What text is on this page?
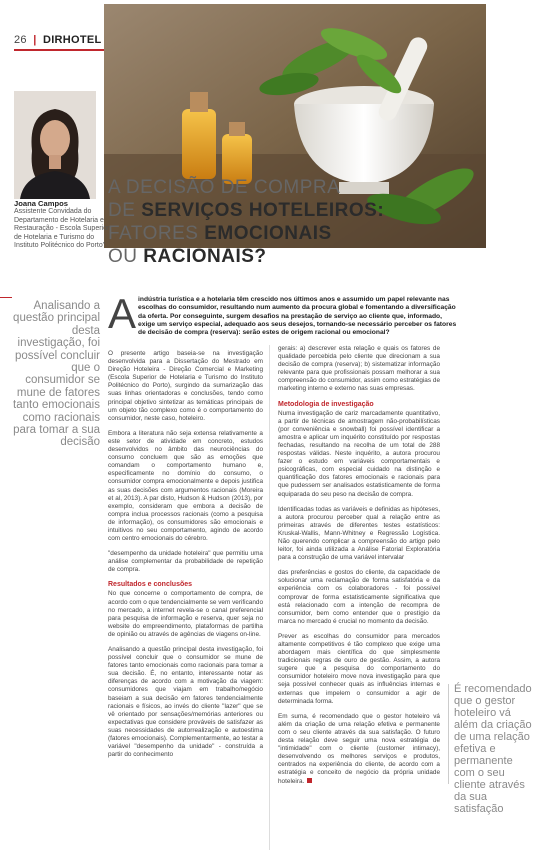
26 | DIRHOTEL
Joana Campos
Assistente Convidada do Departamento de Hotelaria e Restauração - Escola Superior de Hotelaria e Turismo do Instituto Politécnico do Porto".
A DECISÃO DE COMPRA
DE SERVIÇOS HOTELEIROS:
FATORES EMOCIONAIS
OU RACIONAIS?
Analisando a questão principal desta investigação, foi possível concluir que o consumidor se mune de fatores tanto emocionais como racionais para tomar a sua decisão
A indústria turística e a hotelaria têm crescido nos últimos anos e assumido um papel relevante nas escolhas do consumidor, resultando num aumento da procura global e fomentando a diversificação da oferta. Por conseguinte, surgem desafios na prestação de serviço ao cliente que, informado, exige um serviço especial, adequado aos seus desejos, tornando-se necessário perceber os fatores de decisão de compra (reserva): serão estes de origem racional ou emocional?

O presente artigo baseia-se na investigação desenvolvida para a Dissertação do Mestrado em Direção Hoteleira - Direção Comercial e Marketing (Escola Superior de Hotelaria e Turismo do Instituto Politécnico do Porto), surgindo da sumarização das suas linhas orientadoras e conclusões, tendo como principal objetivo sintetizar as temáticas principais de um objeto tão complexo como é o comportamento do consumidor, neste caso, hoteleiro.

Embora a literatura não seja extensa relativamente a este setor de atividade em concreto, estudos desenvolvidos no âmbito das neurociências do consumo concluem que são as emoções que comandam o comportamento humano e, especificamente no domínio do consumo, o consumidor compra emocionalmente e depois justifica as suas decisões com argumentos racionais (Moreira et al, 2013). A par disto, Hudson & Hudson (2013), por exemplo, consideram que embora a decisão de compra inclua processos racionais (como a pesquisa de informação), os consumidores são emocionais e intuitivos no seu comportamento, agindo de acordo com centro emocionais do cérebro.

"desempenho da unidade hoteleira" que permitiu uma análise complementar da probabilidade de repetição de compra.

Resultados e conclusões

No que concerne o comportamento de compra, de acordo com o que tendencialmente se vem verificando no mercado, a internet revela-se o canal preferencial para pesquisa de informação e reserva, quer seja no website do empreendimento, plataformas de partilha de opinião ou através de agências de viagens on-line.

Analisando a questão principal desta investigação, foi possível concluir que o consumidor se mune de fatores tanto emocionais como racionais para tomar a sua decisão. É, no entanto, interessante notar as diferenças de acordo com a motivação da viagem: consumidores que viajam em trabalho/negócio baseiam a sua decisão em fatores tendencialmente racionais e físicos, ao invés do cliente "lazer" que se vê orientado por sensações/memórias anteriores ou expectativas que considere prováveis de satisfazer as suas necessidades de autorrealização e autoestima (fatores emocionais). Complementarmente, ao testar a variável "desempenho da unidade" - construída a partir do conhecimento

gerais: a) descrever esta relação e quais os fatores de qualidade percebida pelo cliente que direcionam a sua decisão de compra (reserva); b) sistematizar informação relevante para que profissionais possam melhorar a sua compreensão do consumidor, assim como estratégias de marketing interno e externo nas suas empresas.

Metodologia de investigação

Numa investigação de cariz marcadamente quantitativo, a partir de técnicas de amostragem não-probabilísticas (por conveniência e snowball) foi possível identificar a amostra e aplicar um inquérito constituído por respostas fechadas, resultando na recolha de um total de 288 respostas válidas. Neste inquérito, a autora procurou fazer o estudo em variáveis comportamentais e psicográficas, com especial cuidado na distinção e quantificação dos fatores emocionais e racionais para que pudessem ser analisados estatisticamente de forma equiparada do seu peso na decisão de compra.

Identificadas todas as variáveis e definidas as hipóteses, a autora procurou perceber qual a relação entre as primeiras através de diferentes testes estatísticos: Kruskal-Wallis, Mann-Whitney e Regressão Logística. Não querendo complicar a compreensão do artigo pelo leitor, foi ainda utilizada a Análise Fatorial Exploratória para a construção de uma variável intervalar

das preferências e gostos do cliente, da capacidade de solucionar uma reclamação de forma satisfatória e da experiência com os colaboradores - foi possível comprovar de forma estatisticamente significativa que está relacionado com a intenção de recompra de consumidor, bem como entender que o prestígio da marca no mercado é crucial no momento da decisão.

Prever as escolhas do consumidor para mercados altamente competitivos é tão complexo que exige uma abordagem mais científica do que simplesmente tradicionais regras de ouro de gestão. Assim, a autora sugere que a pesquisa do comportamento do consumidor hoteleiro move nova investigação para que seja possível conhecer quais as influências internas e externas que impelem o consumidor a agir de determinada forma.

Em suma, é recomendado que o gestor hoteleiro vá além da criação de uma relação efetiva e permanente com o seu cliente através da sua satisfação. O futuro desta relação deve seguir uma nova estratégia de "intimidade" com o cliente (customer intimacy), desenvolvendo os melhores serviços e produtos, centrados na experiência do cliente, de acordo com a estratégia e conceito de negócio da própria unidade hoteleira.

É recomendado que o gestor hoteleiro vá além da criação de uma relação efetiva e permanente com o seu cliente através da sua satisfação
